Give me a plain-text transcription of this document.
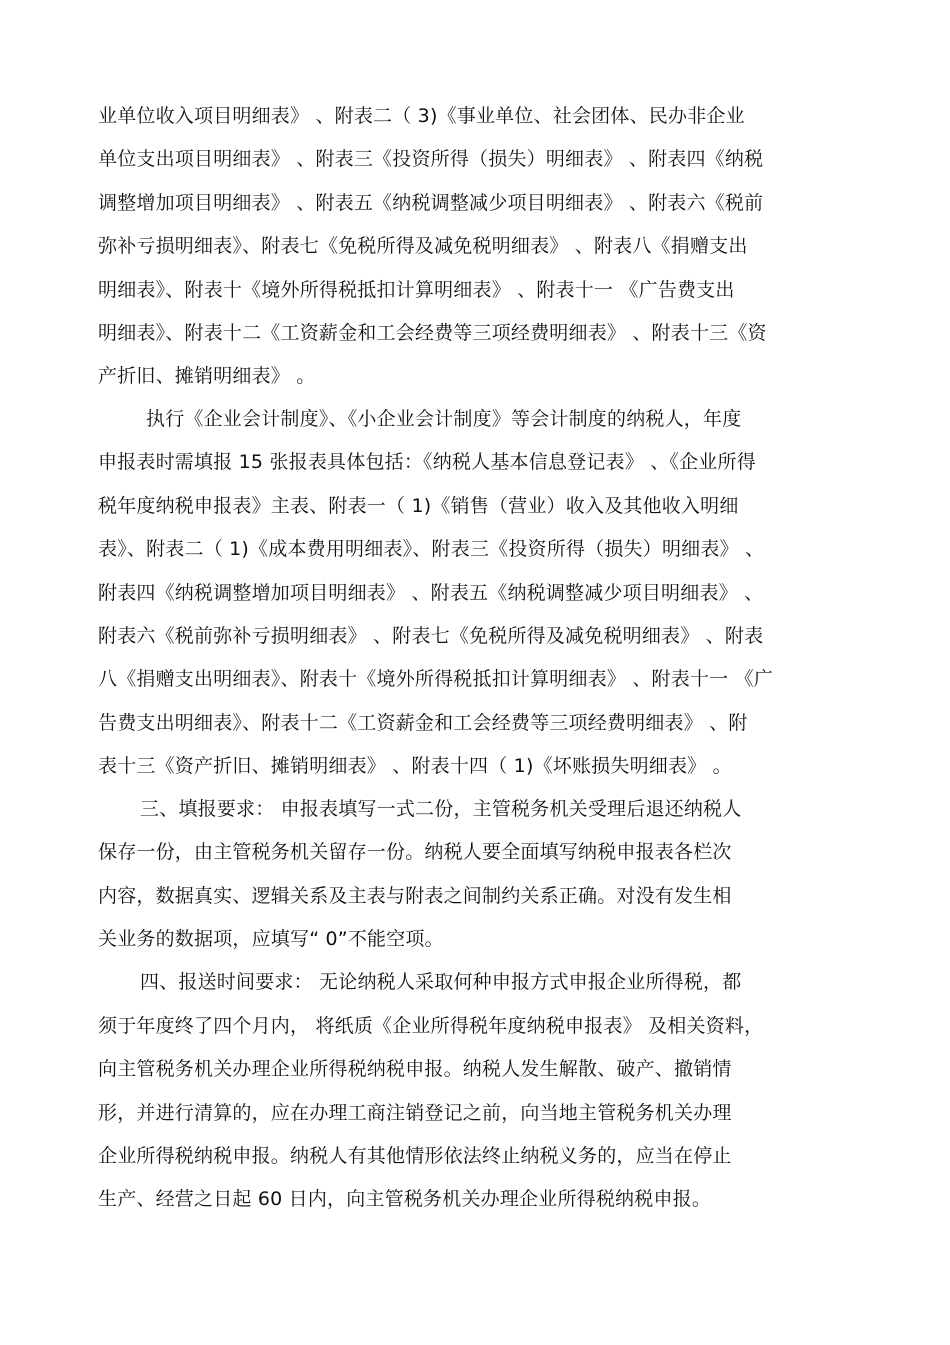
业单位收入项目明细表》 、附表二（ 3)《事业单位、社会团体、民办非企业
单位支出项目明细表》 、附表三《投资所得（损失）明细表》 、附表四《纳税
调整增加项目明细表》 、附表五《纳税调整减少项目明细表》 、附表六《税前
弥补亏损明细表》、附表七《免税所得及减免税明细表》 、附表八《捐赠支出
明细表》、附表十《境外所得税抵扣计算明细表》 、附表十一 《广告费支出
明细表》、附表十二《工资薪金和工会经费等三项经费明细表》 、附表十三《资
产折旧、摊销明细表》 。
执行《企业会计制度》、《小企业会计制度》等会计制度的纳税人，年度
申报表时需填报 15 张报表具体包括：《纳税人基本信息登记表》 、《企业所得
税年度纳税申报表》主表、附表一（ 1)《销售（营业）收入及其他收入明细
表》、附表二（ 1)《成本费用明细表》、附表三《投资所得（损失）明细表》 、
附表四《纳税调整增加项目明细表》 、附表五《纳税调整减少项目明细表》 、
附表六《税前弥补亏损明细表》 、附表七《免税所得及减免税明细表》 、附表
八《捐赠支出明细表》、附表十《境外所得税抵扣计算明细表》 、附表十一 《广
告费支出明细表》、附表十二《工资薪金和工会经费等三项经费明细表》 、附
表十三《资产折旧、摊销明细表》 、附表十四（ 1)《坏账损失明细表》 。
三、填报要求： 申报表填写一式二份，主管税务机关受理后退还纳税人
保存一份，由主管税务机关留存一份。纳税人要全面填写纳税申报表各栏次
内容，数据真实、逻辑关系及主表与附表之间制约关系正确。对没有发生相
关业务的数据项，应填写“ 0”不能空项。
四、报送时间要求： 无论纳税人采取何种申报方式申报企业所得税，都
须于年度终了四个月内， 将纸质《企业所得税年度纳税申报表》 及相关资料，
向主管税务机关办理企业所得税纳税申报。纳税人发生解散、破产、撤销情
形，并进行清算的，应在办理工商注销登记之前，向当地主管税务机关办理
企业所得税纳税申报。纳税人有其他情形依法终止纳税义务的，应当在停止
生产、经营之日起 60 日内，向主管税务机关办理企业所得税纳税申报。
